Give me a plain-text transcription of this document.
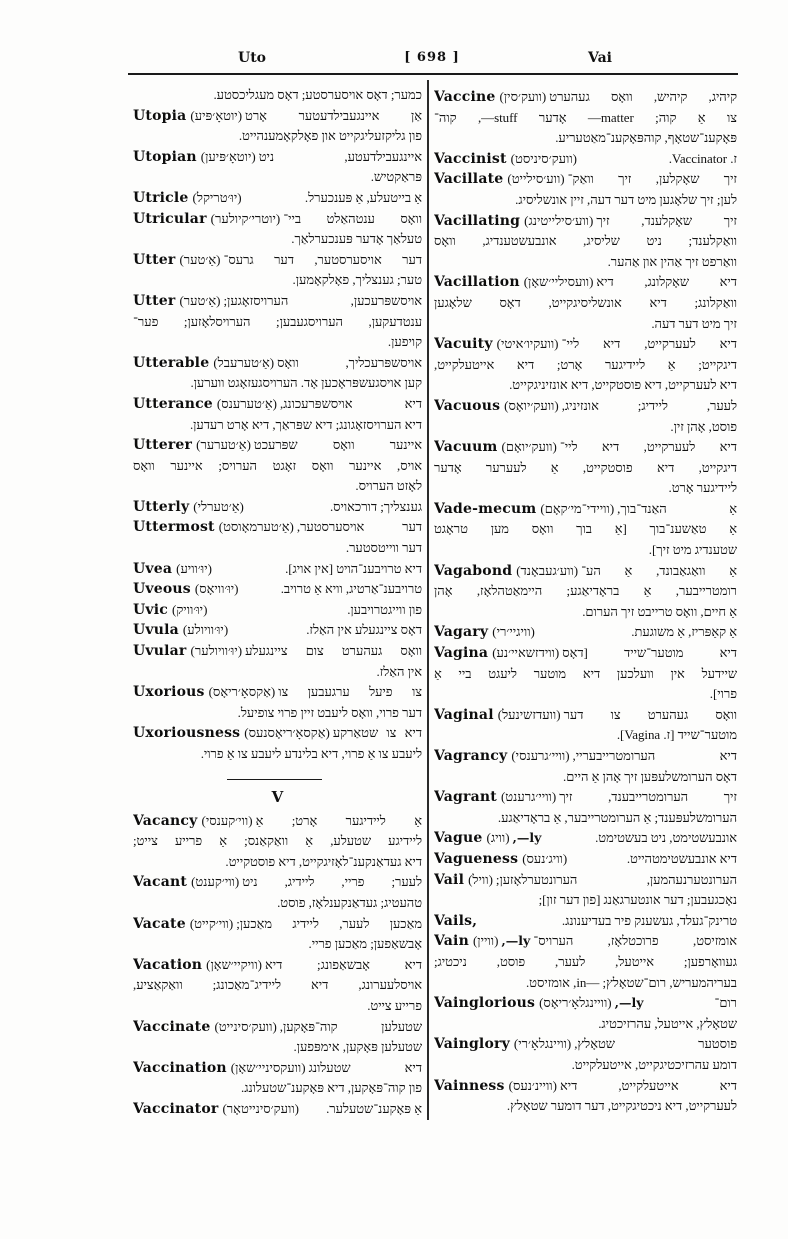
Uto	[ 698 ]	Vai
כמער; דאָס אויסערסטע; דאָס מעגליכסטע.
Utopia (יוטאָ׳פּיע) אַן איינגעבילדעטער אָרט
פון גליקזעליגקייט און פאָלקאָמענהייט.
Utopian (יוטאָ׳פּיען) איינגעבילדעטע, ניט
פּראַקטיש.
Utricle (יוּ׳טריקל)	אַ בייטעלע, אַ פּענכערל.
Utricular (יוטרי׳קיולער) וואָס ענטהאַלט ביי־
טעלאַך אָדער פּענכערלאַך.
Utter (אַ׳טער) דער אויסערסטער, דער גרעס־
טער; גענצליך, פאָלקאָמען.
Utter (אַ׳טער) אויסשפּרעכען, הערויסזאָגען;
ענטדעקען, הערויסגעבען; הערויסלאָזען; פער־
קויפען.
Utterable (אַ׳טערעבל) אויסשפּרעכליך, וואָס
קען אויסגעשפּראָכען אָד. הערויסגעזאָגט ווערען.
Utterance (אַ׳טערענס) דיא אויסשפּרעכונג,
דיא הערויסזאָגונג; דיא שפּראַך, דיא אָרט רעדען.
Utterer (אַ׳טערער) איינער וואָס שפּרעכט
אויס, איינער וואָס זאָגט הערויס; איינער וואָס
לאָזט הערויס.
Utterly (אַ׳טערלי)	גענצליך; דורכאויס.
Uttermost (אַ׳טערמאָוסט) דער אויסערסטער,
דער ווייטסטער.
Uvea (יוּ׳וויע)	דיא טרויבענ־הויט [אין אויג].
Uveous (יוּ׳וויאָס)	טרויבענ־אַרטיג, וויא אַ טרויב.
Uvic (יוּ׳וויק)	פון ווייגטרויבען.
Uvula (יוּ׳וויולע)	דאָס ציינגעלע אין האַלז.
Uvular (יוּ׳וויולער) וואָס געהערט צום ציינגעלע
אין האַלז.
Uxorious (אַקסאָ׳ריאָס) צו פיעל ערגעבען צו
דער פרוי, וואָס ליעבט זיין פרוי צופיעל.
Uxoriousness (אַקסאָ׳ריאָסנעס) דיא צו שטאַרקע
ליעבע צו אַ פרוי, דיא בלינדע ליעבע צו אַ פרוי.
V
Vacancy (ווי׳קענסי) אַ ליידיגער אָרט; אַ
ליידיגע שטעלע, אַ וואַקאַנס; אַ פרייע צייט;
דיא געדאַנקענ־לאָזיגקייט, דיא פוסטקייט.
Vacant (ווי׳קענט) לעער; פריי, ליידיג, ניט
טהעטיג; געדאַנקענלאָז, פוסט.
Vacate (ווי׳קייט) מאַכען לעער, ליידיג מאַכען;
אָבשאַפען; מאַכען פריי.
Vacation (וויקיי׳שאָן) דיא אָבשאַפונג; דיא
אויסלעערונג, דיא ליידיג־מאַכונג; וואַקאַציע,
פרייע צייט.
Vaccinate (וועק׳סינייט) שטעלען קוה־פּאָקען,
שטעלען פּאָקען, אימפּפען.
Vaccination (וועקסיניי׳שאָן) דיא שטעלונג
פון קוה־פּאָקען, דיא פּאָקענ־שטעלונג.
Vaccinator (וועק׳סינייטאָר)	אַ פּאָקענ־שטעלער.
Vaccine (וועק׳סין) קיהיג, קיהיש, וואָס געהערט
צו אַ קוה; matter— אָדער stuff—, קוה־
פּאָקענ־שטאָף, קוהפּאָקענ־מאַטעריע.
Vaccinist (וועק׳סיניסט)	ז. Vaccinator.
Vacillate (ווע׳סילייט) זיך שאָקלען, זיך וואַק־
לען; זיך שלאָגען מיט דער דעה, זיין אונשליסיג.
Vacillating (ווע׳סילייטינג) זיך שאָקלענד, זיך
וואַקלענד; ניט שליסיג, אונבעשטענדיג, וואָס
וואַרפט זיך אַהין און אַהער.
Vacillation (וועסיליי׳שאָן) דיא שאָקלונג, דיא
וואַקלונג; דיא אונשליסיגקייט, דאָס שלאָגען
זיך מיט דער דעה.
Vacuity (וועקיו׳איטי) דיא לעערקייט, דיא ליי־
דיגקייט; אַ ליידיגער אָרט; דיא אייטעלקייט,
דיא לעערקייט, דיא פוסטקייט, דיא אונזיניגקייט.
Vacuous (וועק׳יואָס) לעער, ליידיג; אונזיניג,
פוסט, אָהן זין.
Vacuum (וועק׳יואָם) דיא לעערקייט, דיא ליי־
דיגקייט, דיא פוסטקייט, אַ לעערער אָדער
ליידיגער אָרט.
Vade-mecum (וויידי־מי׳קאָם) אַ האַנד־בוך,
אַ טאַשענ־בוך [אַ בוך וואָס מען טראָגט
שטענדיג מיט זיך].
Vagabond (ווע׳געבאָנד) אַ וואַגאַבונד, אַ הע־
רומטרייבער, אַ בראָדיאַגע; היימאַטהלאָז, אָהן
אַ חיים, וואָס טרייבט זיך הערום.
Vagary (וויגיי׳רי)	אַ קאַפּריז, אַ משוגעת.
Vagina (ווידזשאיי׳נע) דיא מוטער־שייד [דאָס
שיידעל אין וועלכען דיא מוטער ליעגט ביי אַ
פרוי].
Vaginal (וועדזשינעל) וואָס געהערט צו דער
מוטער־שייד [ז. Vagina].
Vagrancy (וויי׳גרענסי) דיא הערומטרייבעריי,
דאָס הערומשלעפּען זיך אָהן אַ היים.
Vagrant (וויי׳גרענט) זיך הערומטרייבענד, זיך
הערומשלעפּענד; אַ הערומטרייבער, אַ בראָדיאַגע.
Vague (וויג) ,—ly	אונבעשטימט, ניט בעשטימט.
Vagueness (וויג׳נעס)	דיא אונבעשטימטהייט.
Vail (וויל) הערונטערנעהמען, הערונטערלאָזען;
נאָכגעבען; דער אונטערגאַנג [פון דער זון];
Vails,	טרינק־געלד, געשענק פיר בעדיענונג.
Vain (וויין) ,—ly אומזיסט, פרוכטלאָז, הערויס־
געוואָרפען; אייטעל, לעער, פוסט, ניכטיג;
בעריהמעריש, רום־שטאָלץ; —in, אומזיסט.
Vainglorious (וויינגלאָ׳ריאָס) ,—ly	רום־
שטאָלץ, אייטעל, עהרזיכטיג.
Vainglory (וויינגלאָ׳רי) פוסטער שטאָלץ,
דומע עהרזיכטיגקייט, אייטעלקייט.
Vainness (וויינ׳נעס) דיא אייטעלקייט, דיא
לעערקייט, דיא ניכטיגקייט, דער דומער שטאָלץ.
